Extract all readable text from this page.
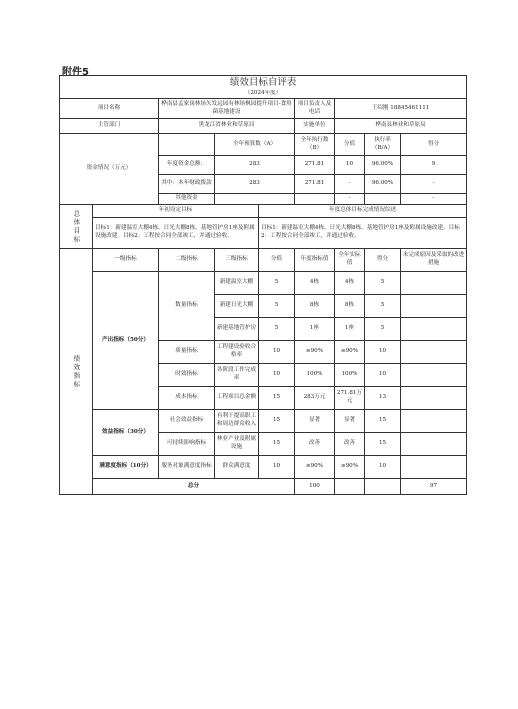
附件5
绩效目标自评表									
（2024年度）									
项目名称		桦南县孟家岗林场矢发远园有林场枫园提升项目-食用菌基地建设			项目负责人及电话	王绍刚 18845461111			
主管部门		黑龙江省林业和草原局			实施单位	桦南县林业和草原局			
资金情况（万元）			全年预算数（A）		全年执行数（B）	分值	执行率（B/A）	得分	
		年度资金总额：	283		271.81	10	96.00%	9	
		其中：本年财政拨款	283		271.81	-	96.00%	-	
		其他资金				-		-	
总体目标	年初设定目标			年度总体目标完成情况综述					
	目标1：新建温室大棚4栋、日光大棚8栋、基地管护房1座及附属设施改建。目标2：工程按合同全部竣工，并通过验收。			目标1：新建温室大棚4栋、日光大棚8栋、基地管护房1座及附属设施改建。目标2：工程按合同全部竣工，并通过验收。					
绩效指标	一级指标	二级指标	三级指标	分值	年度指标值	全年实际值	得分	未完成原因及采取的改进措施	
	产出指标（50分）	数量指标	新建温室大棚	5	4栋	4栋	5		
			新建日光大棚	5	8栋	8栋	5		
			新建基地管护房	5	1座	1座	5		
		质量指标	工程建设验收合格率	10	≥90%	≥90%	10		
		时效指标	各阶段工作完成率	10	100%	100%	10		
		成本指标	工程项目总金额	15	283万元	271.81万元	13		
	效益指标（30分）	社会效益指标	有利于提高职工和周边群众收入	15	显著	显著	15		
		可持续影响指标	林业产业及附属设施	15	改善	改善	15		
	满意度指标（10分）	服务对象满意度指标	群众满意度	10	≥90%	≥90%	10		
	总分				100			97	
